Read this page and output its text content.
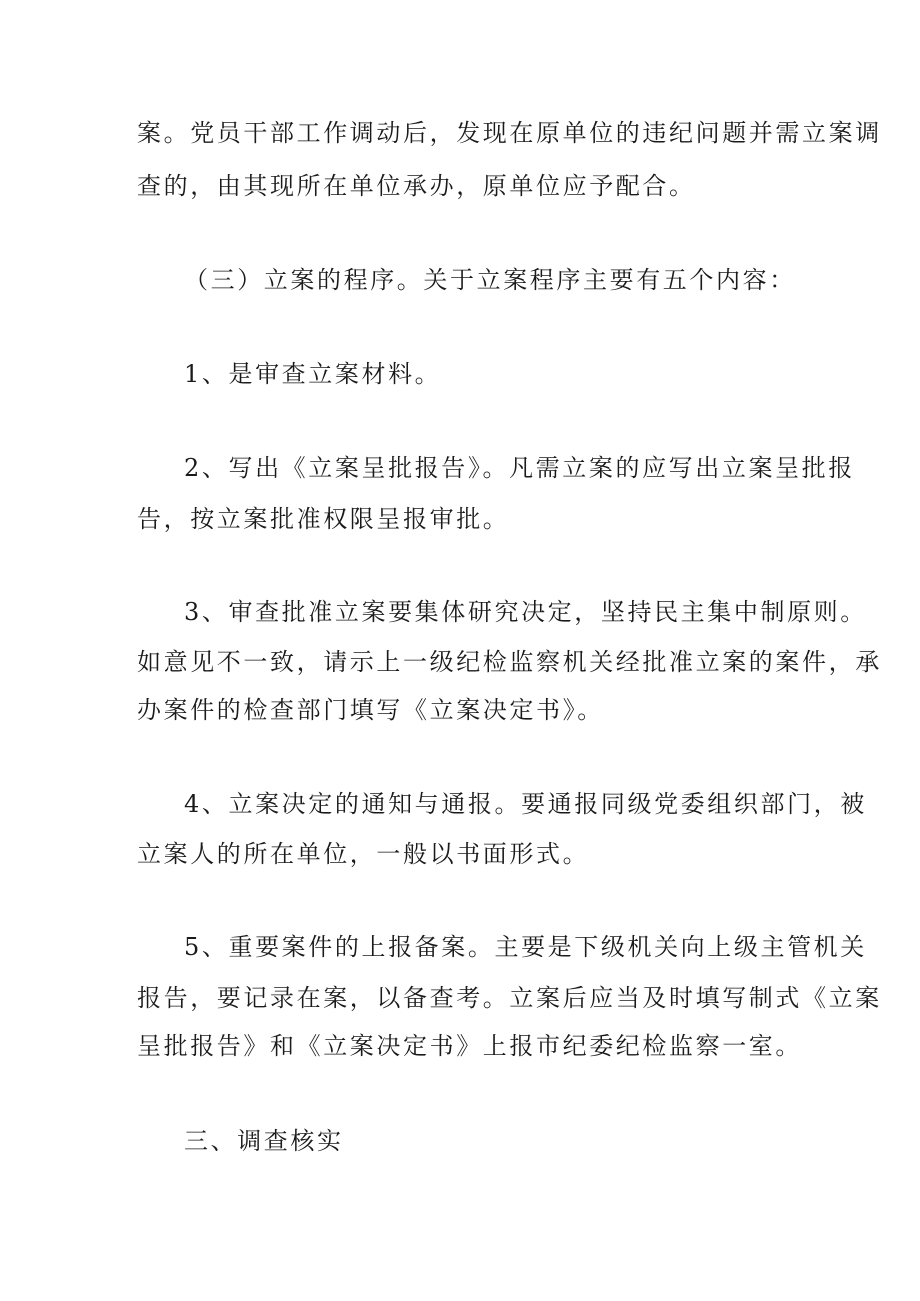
案。党员干部工作调动后，发现在原单位的违纪问题并需立案调
查的，由其现所在单位承办，原单位应予配合。
（三）立案的程序。关于立案程序主要有五个内容：
1、是审查立案材料。
2、写出《立案呈批报告》。凡需立案的应写出立案呈批报
告，按立案批准权限呈报审批。
3、审查批准立案要集体研究决定，坚持民主集中制原则。
如意见不一致，请示上一级纪检监察机关经批准立案的案件，承
办案件的检查部门填写《立案决定书》。
4、立案决定的通知与通报。要通报同级党委组织部门，被
立案人的所在单位，一般以书面形式。
5、重要案件的上报备案。主要是下级机关向上级主管机关
报告，要记录在案，以备查考。立案后应当及时填写制式《立案
呈批报告》和《立案决定书》上报市纪委纪检监察一室。
三、调查核实
